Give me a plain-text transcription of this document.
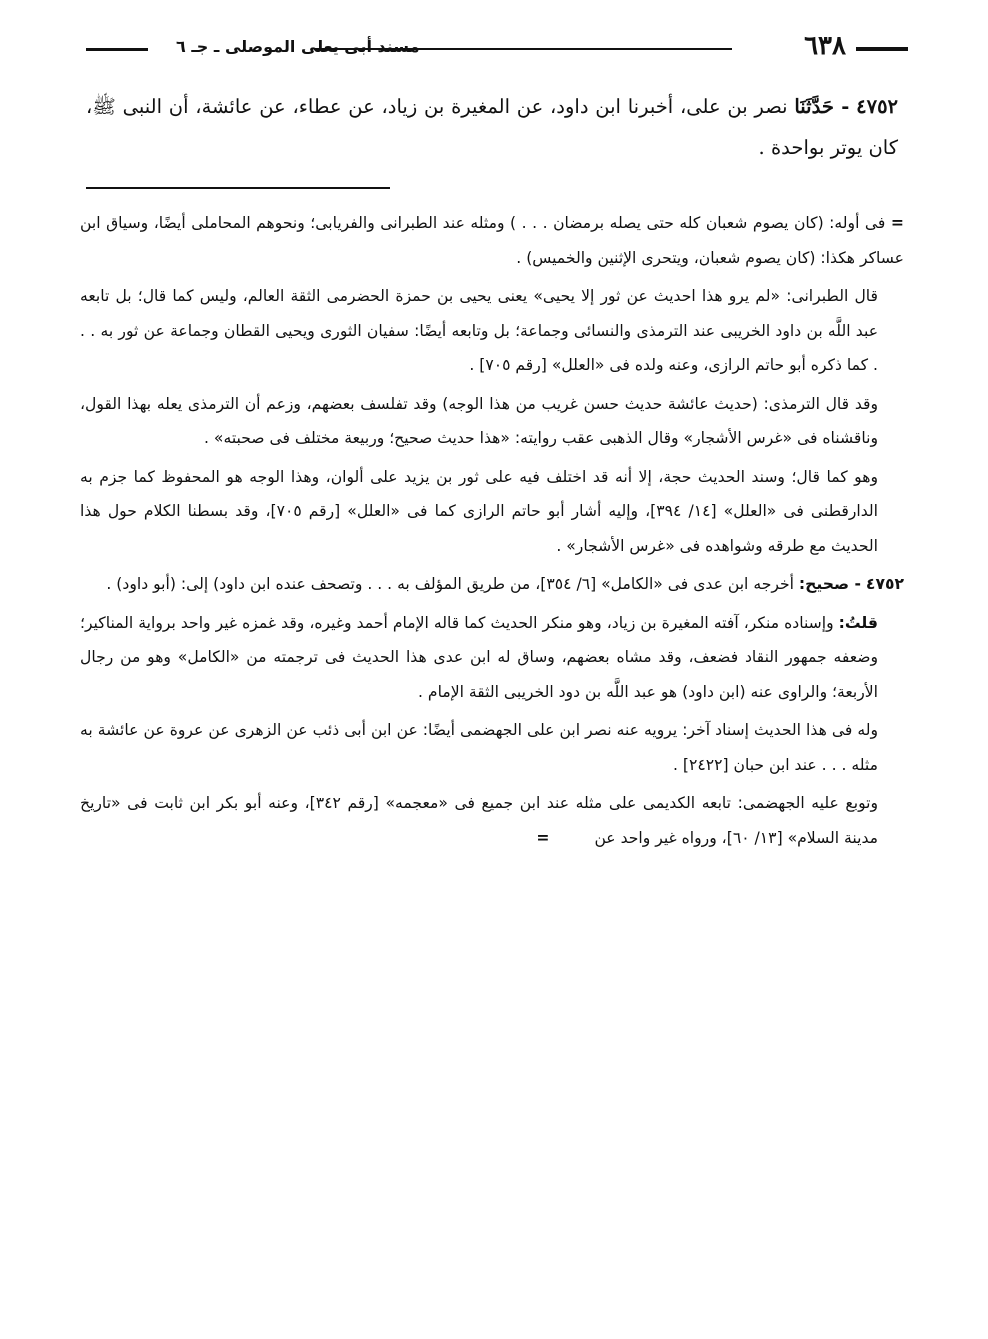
٦٣٨
مسند أبى يعلى الموصلى ـ جـ ٦
٤٧٥٢ - حَدَّثَنَا نصر بن على، أخبرنا ابن داود، عن المغيرة بن زياد، عن عطاء، عن عائشة، أن النبى ﷺ، كان يوتر بواحدة .

= فى أوله: (كان يصوم شعبان كله حتى يصله برمضان . . . ) ومثله عند الطبرانى والفريابى؛ ونحوهم المحاملى أيضًا، وسياق ابن عساكر هكذا: (كان يصوم شعبان، ويتحرى الإثنين والخميس) .

قال الطبرانى: «لم يرو هذا احديث عن ثور إلا يحيى» يعنى يحيى بن حمزة الحضرمى الثقة العالم، وليس كما قال؛ بل تابعه عبد اللَّه بن داود الخريبى عند الترمذى والنسائى وجماعة؛ بل وتابعه أيضًا: سفيان الثورى ويحيى القطان وجماعة عن ثور به . . . كما ذكره أبو حاتم الرازى، وعنه ولده فى «العلل» [رقم ٧٠٥] .

وقد قال الترمذى: (حديث عائشة حديث حسن غريب من هذا الوجه) وقد تفلسف بعضهم، وزعم أن الترمذى يعله بهذا القول، وناقشناه فى «غرس الأشجار» وقال الذهبى عقب روايته: «هذا حديث صحيح؛ وربيعة مختلف فى صحبته» .

وهو كما قال؛ وسند الحديث حجة، إلا أنه قد اختلف فيه على ثور بن يزيد على ألوان، وهذا الوجه هو المحفوظ كما جزم به الدارقطنى فى «العلل» [١٤/ ٣٩٤]، وإليه أشار أبو حاتم الرازى كما فى «العلل» [رقم ٧٠٥]، وقد بسطنا الكلام حول هذا الحديث مع طرقه وشواهده فى «غرس الأشجار» .

٤٧٥٢ - صحيح: أخرجه ابن عدى فى «الكامل» [٦/ ٣٥٤]، من طريق المؤلف به . . . وتصحف عنده ابن داود) إلى: (أبو داود) .

قلتُ: وإسناده منكر، آفته المغيرة بن زياد، وهو منكر الحديث كما قاله الإمام أحمد وغيره، وقد غمزه غير واحد برواية المناكير؛ وضعفه جمهور النقاد فضعف، وقد مشاه بعضهم، وساق له ابن عدى هذا الحديث فى ترجمته من «الكامل» وهو من رجال الأربعة؛ والراوى عنه (ابن داود) هو عبد اللَّه بن دود الخريبى الثقة الإمام .

وله فى هذا الحديث إسناد آخر: يرويه عنه نصر ابن على الجهضمى أيضًا: عن ابن أبى ذئب عن الزهرى عن عروة عن عائشة به مثله . . . عند ابن حبان [٢٤٢٢] .

وتوبع عليه الجهضمى: تابعه الكديمى على مثله عند ابن جميع فى «معجمه» [رقم ٣٤٢]، وعنه أبو بكر ابن ثابت فى «تاريخ مدينة السلام» [١٣/ ٦٠]، ورواه غير واحد عن =
